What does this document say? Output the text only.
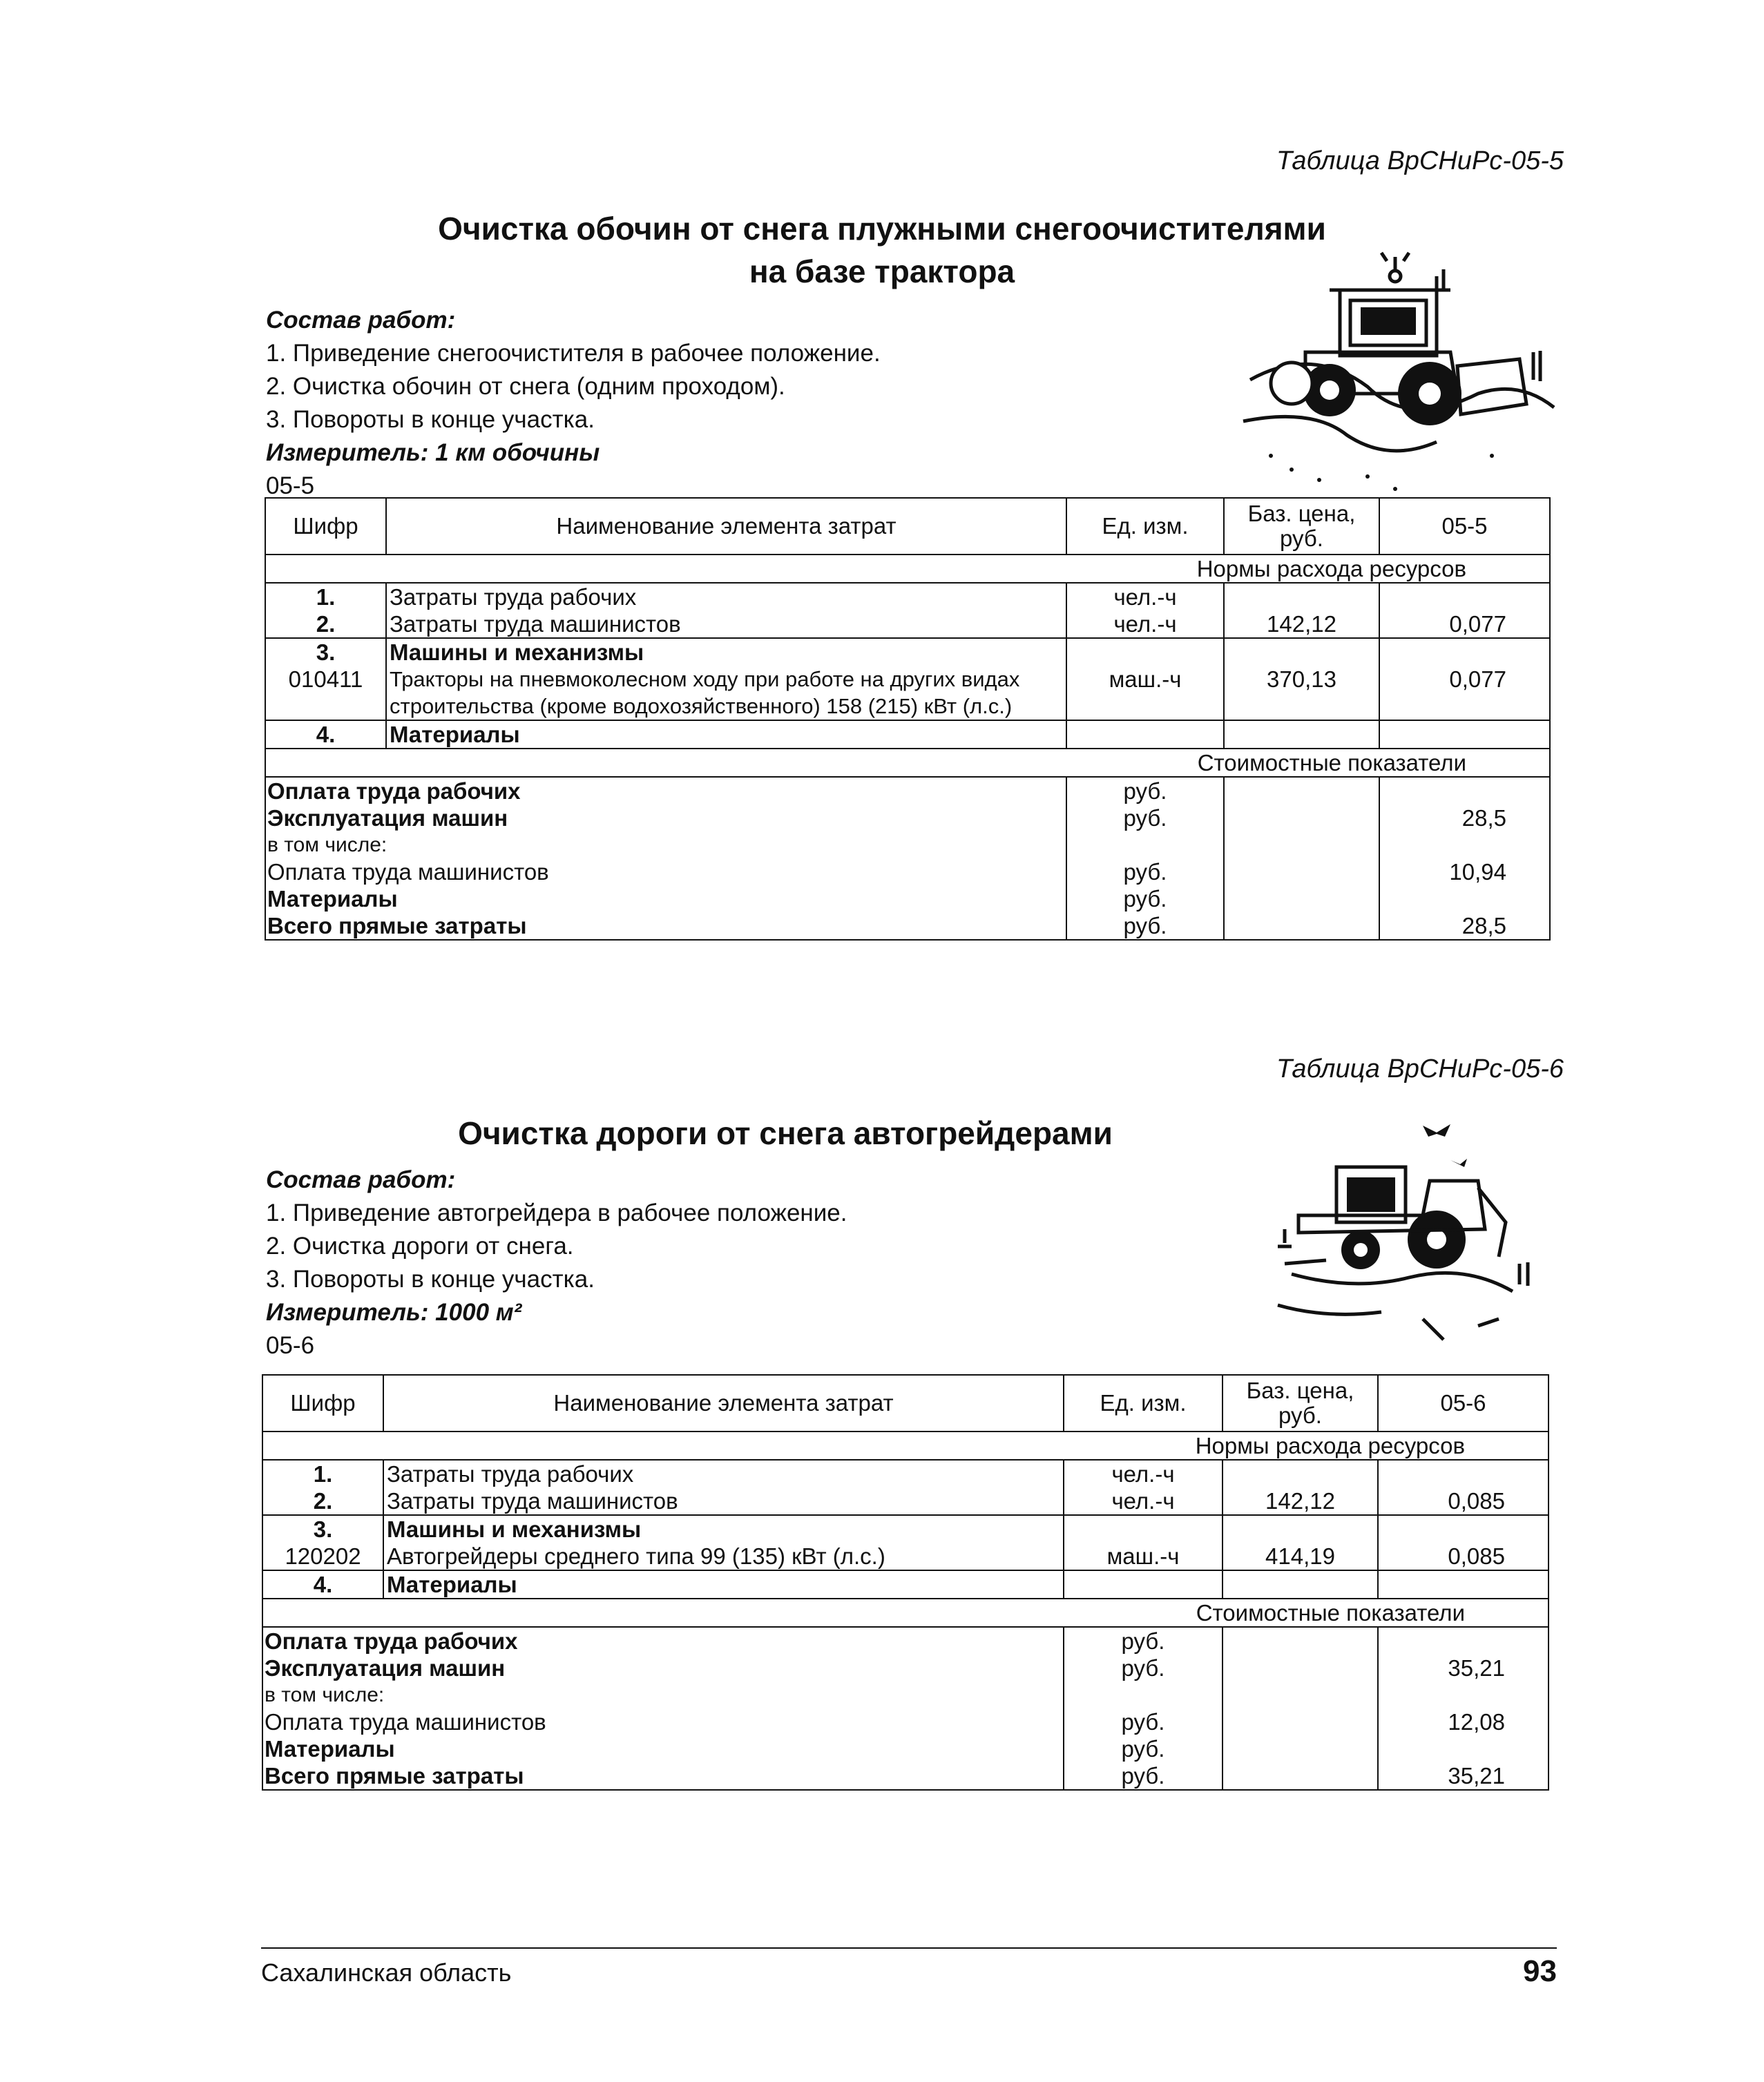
Таблица ВрСНиРс-05-5
Очистка обочин от снега плужными снегоочистителями
на базе трактора
Состав работ:
1. Приведение снегоочистителя в рабочее положение.
2. Очистка обочин от снега (одним проходом).
3. Повороты в конце участка.
Измеритель: 1 км обочины
05-5
Шифр	Наименование элемента затрат	Ед. изм.	Баз. цена, руб.	05-5
Нормы расхода ресурсов				
1.	Затраты труда рабочих	чел.-ч		
2.	Затраты труда машинистов	чел.-ч	142,12	0,077
3.	Машины и механизмы			
010411	Тракторы на пневмоколесном ходу при работе на других видах строительства (кроме водохозяйственного) 158 (215) кВт (л.с.)	маш.-ч	370,13	0,077
4.	Материалы			
Стоимостные показатели				
Оплата труда рабочих		руб.		
Эксплуатация машин		руб.		28,5
в том числе:				
Оплата труда машинистов		руб.		10,94
Материалы		руб.		
Всего прямые затраты		руб.		28,5
Таблица ВрСНиРс-05-6
Очистка дороги от снега автогрейдерами
Состав работ:
1. Приведение автогрейдера в рабочее положение.
2. Очистка дороги от снега.
3. Повороты в конце участка.
Измеритель: 1000 м²
05-6
Шифр	Наименование элемента затрат	Ед. изм.	Баз. цена, руб.	05-6
Нормы расхода ресурсов				
1.	Затраты труда рабочих	чел.-ч		
2.	Затраты труда машинистов	чел.-ч	142,12	0,085
3.	Машины и механизмы			
120202	Автогрейдеры среднего типа 99 (135) кВт (л.с.)	маш.-ч	414,19	0,085
4.	Материалы			
Стоимостные показатели				
Оплата труда рабочих		руб.		
Эксплуатация машин		руб.		35,21
в том числе:				
Оплата труда машинистов		руб.		12,08
Материалы		руб.		
Всего прямые затраты		руб.		35,21
Сахалинская область	93
